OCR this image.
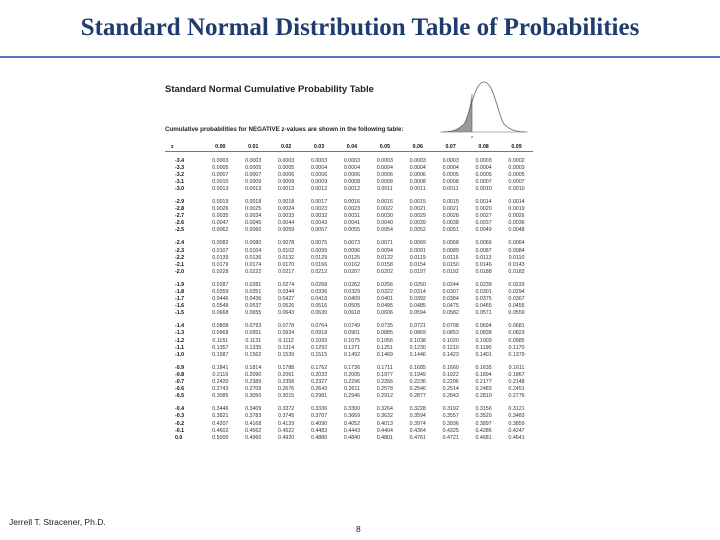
Standard Normal Distribution Table of Probabilities
Standard Normal Cumulative Probability Table
Cumulative probabilities for NEGATIVE z-values are shown in the following table:
z
z	0.00	0.01	0.02	0.03	0.04	0.05	0.06	0.07	0.08	0.09

-3.4	0.0003	0.0003	0.0003	0.0003	0.0003	0.0003	0.0003	0.0003	0.0003	0.0002
-3.3	0.0005	0.0005	0.0005	0.0004	0.0004	0.0004	0.0004	0.0004	0.0004	0.0003
-3.2	0.0007	0.0007	0.0006	0.0006	0.0006	0.0006	0.0006	0.0005	0.0005	0.0005
-3.1	0.0010	0.0009	0.0009	0.0009	0.0008	0.0008	0.0008	0.0008	0.0007	0.0007
-3.0	0.0013	0.0013	0.0013	0.0012	0.0012	0.0011	0.0011	0.0011	0.0010	0.0010

-2.9	0.0019	0.0018	0.0018	0.0017	0.0016	0.0016	0.0015	0.0015	0.0014	0.0014
-2.8	0.0026	0.0025	0.0024	0.0023	0.0023	0.0022	0.0021	0.0021	0.0020	0.0019
-2.7	0.0035	0.0034	0.0033	0.0032	0.0031	0.0030	0.0029	0.0028	0.0027	0.0026
-2.6	0.0047	0.0045	0.0044	0.0043	0.0041	0.0040	0.0039	0.0038	0.0037	0.0036
-2.5	0.0062	0.0060	0.0059	0.0057	0.0055	0.0054	0.0052	0.0051	0.0049	0.0048

-2.4	0.0082	0.0080	0.0078	0.0075	0.0073	0.0071	0.0069	0.0068	0.0066	0.0064
-2.3	0.0107	0.0104	0.0102	0.0099	0.0096	0.0094	0.0091	0.0089	0.0087	0.0084
-2.2	0.0139	0.0136	0.0132	0.0129	0.0125	0.0122	0.0119	0.0116	0.0113	0.0110
-2.1	0.0179	0.0174	0.0170	0.0166	0.0162	0.0158	0.0154	0.0150	0.0146	0.0143
-2.0	0.0228	0.0222	0.0217	0.0212	0.0207	0.0202	0.0197	0.0192	0.0188	0.0183

-1.9	0.0287	0.0281	0.0274	0.0268	0.0262	0.0256	0.0250	0.0244	0.0239	0.0233
-1.8	0.0359	0.0351	0.0344	0.0336	0.0329	0.0322	0.0314	0.0307	0.0301	0.0294
-1.7	0.0446	0.0436	0.0427	0.0418	0.0409	0.0401	0.0392	0.0384	0.0375	0.0367
-1.6	0.0548	0.0537	0.0526	0.0516	0.0505	0.0495	0.0485	0.0475	0.0465	0.0455
-1.5	0.0668	0.0655	0.0643	0.0630	0.0618	0.0606	0.0594	0.0582	0.0571	0.0559

-1.4	0.0808	0.0793	0.0778	0.0764	0.0749	0.0735	0.0721	0.0708	0.0694	0.0681
-1.3	0.0968	0.0951	0.0934	0.0918	0.0901	0.0885	0.0869	0.0853	0.0838	0.0823
-1.2	0.1151	0.1131	0.1112	0.1093	0.1075	0.1056	0.1038	0.1020	0.1003	0.0985
-1.1	0.1357	0.1335	0.1314	0.1292	0.1271	0.1251	0.1230	0.1210	0.1190	0.1170
-1.0	0.1587	0.1562	0.1539	0.1515	0.1492	0.1469	0.1446	0.1423	0.1401	0.1379

-0.9	0.1841	0.1814	0.1788	0.1762	0.1736	0.1711	0.1685	0.1660	0.1635	0.1611
-0.8	0.2119	0.2090	0.2061	0.2033	0.2005	0.1977	0.1949	0.1922	0.1894	0.1867
-0.7	0.2420	0.2389	0.2358	0.2327	0.2296	0.2266	0.2236	0.2206	0.2177	0.2148
-0.6	0.2743	0.2709	0.2676	0.2643	0.2611	0.2578	0.2546	0.2514	0.2483	0.2451
-0.5	0.3085	0.3050	0.3015	0.2981	0.2946	0.2912	0.2877	0.2843	0.2810	0.2776

-0.4	0.3446	0.3409	0.3372	0.3336	0.3300	0.3264	0.3228	0.3192	0.3156	0.3121
-0.3	0.3821	0.3783	0.3745	0.3707	0.3669	0.3632	0.3594	0.3557	0.3520	0.3483
-0.2	0.4207	0.4168	0.4129	0.4090	0.4052	0.4013	0.3974	0.3936	0.3897	0.3859
-0.1	0.4602	0.4562	0.4522	0.4483	0.4443	0.4404	0.4364	0.4325	0.4286	0.4247
0.0	0.5000	0.4960	0.4920	0.4880	0.4840	0.4801	0.4761	0.4721	0.4681	0.4641
Jerrell T. Stracener, Ph.D.
8
